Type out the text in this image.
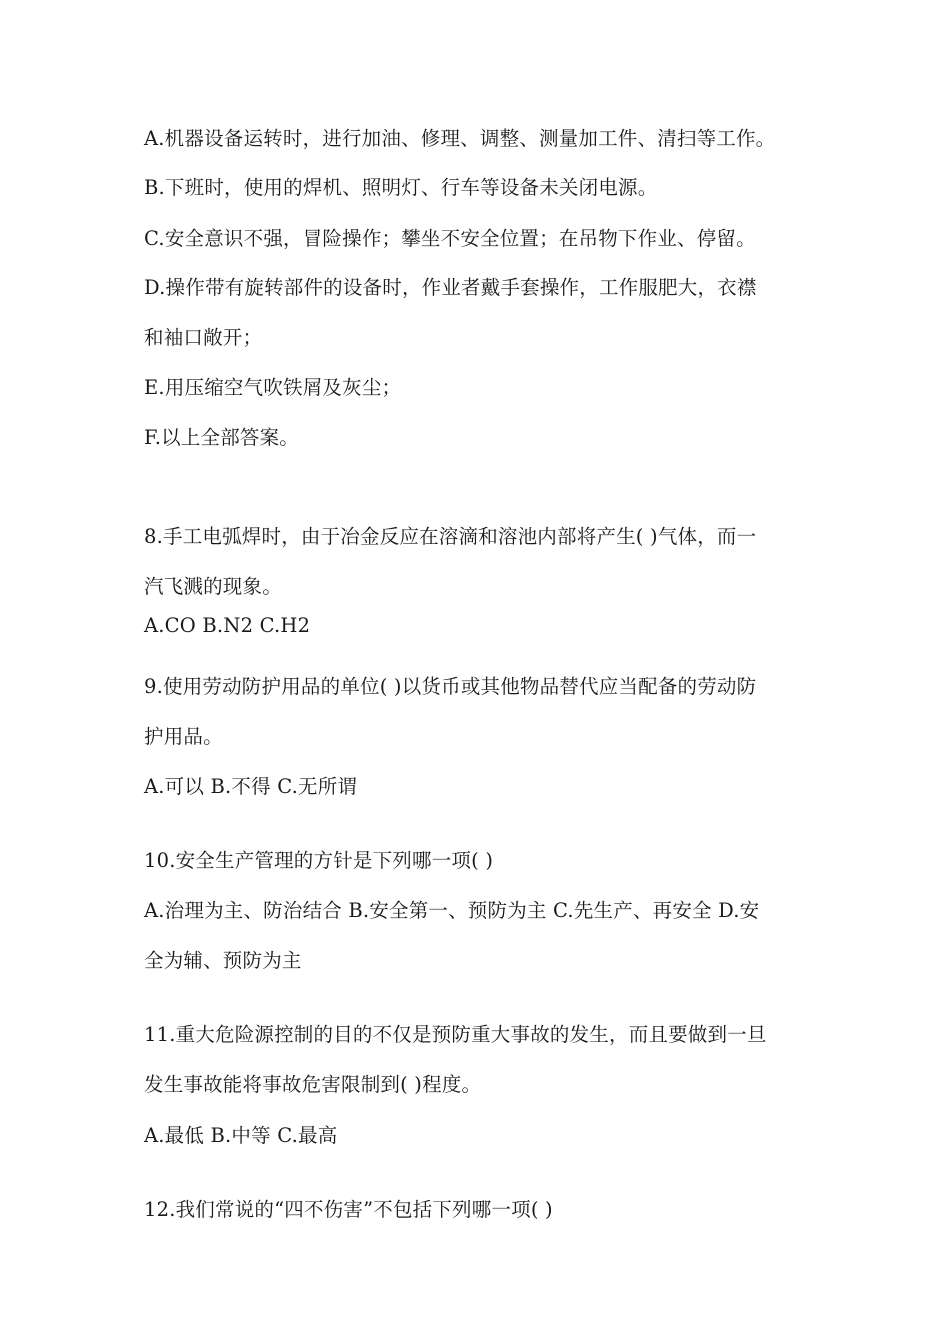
A.机器设备运转时，进行加油、修理、调整、测量加工件、清扫等工作。
B.下班时，使用的焊机、照明灯、行车等设备未关闭电源。
C.安全意识不强，冒险操作；攀坐不安全位置；在吊物下作业、停留。
D.操作带有旋转部件的设备时，作业者戴手套操作，工作服肥大，衣襟
和袖口敞开；
E.用压缩空气吹铁屑及灰尘；
F.以上全部答案。
8.手工电弧焊时，由于冶金反应在溶滴和溶池内部将产生( )气体，而一
汽飞溅的现象。
A.CO B.N2 C.H2
9.使用劳动防护用品的单位( )以货币或其他物品替代应当配备的劳动防
护用品。
A.可以 B.不得 C.无所谓
10.安全生产管理的方针是下列哪一项( )
A.治理为主、防治结合 B.安全第一、预防为主 C.先生产、再安全 D.安
全为辅、预防为主
11.重大危险源控制的目的不仅是预防重大事故的发生，而且要做到一旦
发生事故能将事故危害限制到( )程度。
A.最低 B.中等 C.最高
12.我们常说的“四不伤害”不包括下列哪一项( )
